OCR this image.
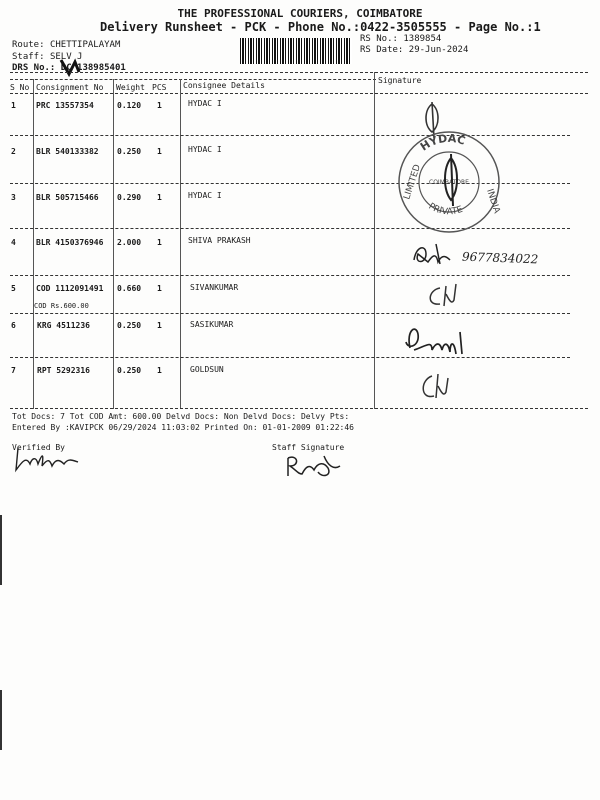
THE PROFESSIONAL COURIERS, COIMBATORE
Delivery Runsheet - PCK - Phone No.:0422-3505555 - Page No.:1
Route: CHETTIPALAYAM
Staff: SELV J
DRS No.: DC 138985401
RS No.: 1389854
RS Date: 29-Jun-2024
S No Consignment No Weight PCS Consignee Details
Signature
1	PRC 13557354	0.120 1	HYDAC I
2	BLR 540133382 0.250 1	HYDAC I
3	BLR 505715466 0.290 1	HYDAC I
4	BLR 4150376946 2.000 1	SHIVA PRAKASH
5	COD 1112091491 0.660 1	SIVANKUMAR
COD Rs.600.00
6	KRG 4511236	0.250 1	SASIKUMAR
7	RPT 5292316	0.250 1	GOLDSUN
HYDAC
INDIA
PRIVATE
LIMITED COIMBATORE
9677834022
Tot Docs: 7 Tot COD Amt: 600.00 Delvd Docs: Non Delvd Docs: Delvy Pts:
Entered By :KAVIPCK 06/29/2024 11:03:02 Printed On: 01-01-2009 01:22:46
Verified By	Staff Signature
